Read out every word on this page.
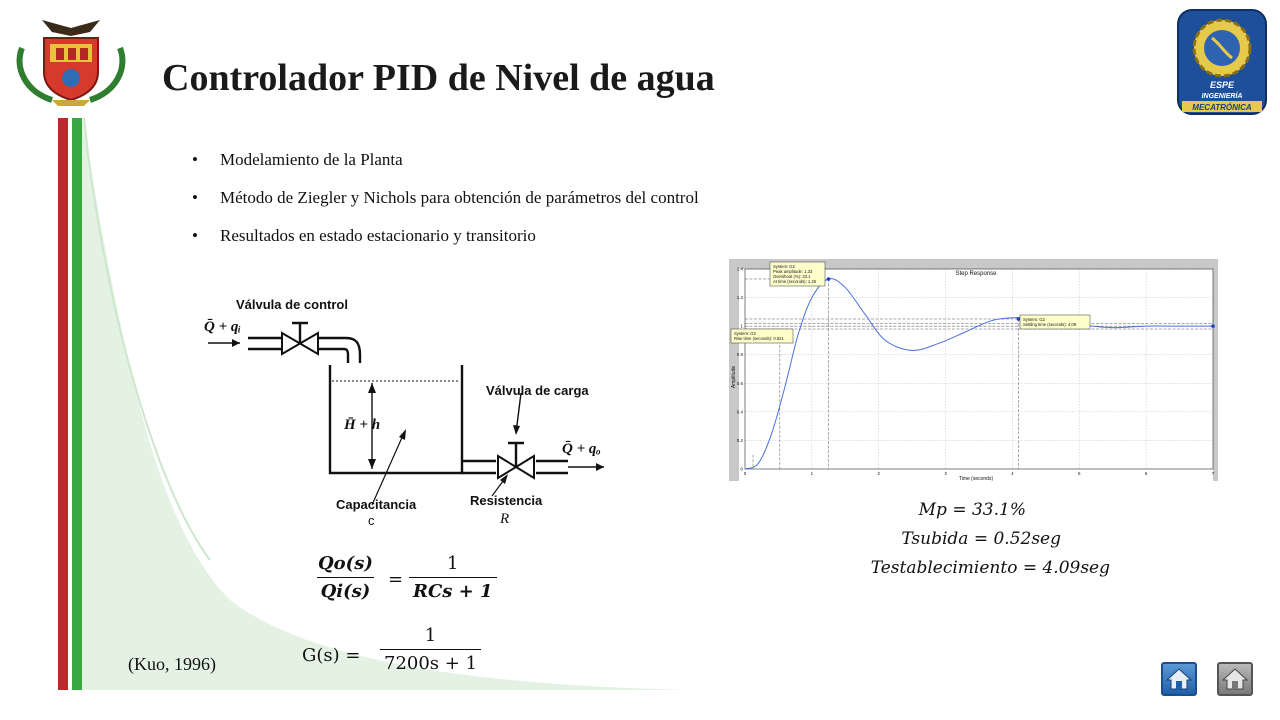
ESPE
INGENIERÍA
MECATRÓNICA
Controlador PID de Nivel de agua
• Modelamiento de la Planta
• Método de Ziegler y Nichols para obtención de parámetros del control
• Resultados en estado estacionario y transitorio
Válvula de control
Q̄ + qᵢ
H̄ + h
Válvula de carga
Q̄ + qₒ
Capacitancia
c
Resistencia
R
0	1	2	3	4	5	6	7
0
0.2
0.4
0.6
0.8
1
1.2
1.4
Step Response
Time (seconds)
Amplitude
System: G2
Peak amplitude: 1.33
Overshoot (%): 33.1
At time (seconds): 1.25
System: G2
Rise time (seconds): 0.521
System: G2
Settling time (seconds): 4.09
Mp = 33.1%
Tsubida = 0.52seg
Testablecimiento = 4.09seg
$\frac{Qo(s)}{Qi(s)}$ =
1
RCs + 1
$G(s) = \frac{1}{7200s + 1}$
(Kuo, 1996)
